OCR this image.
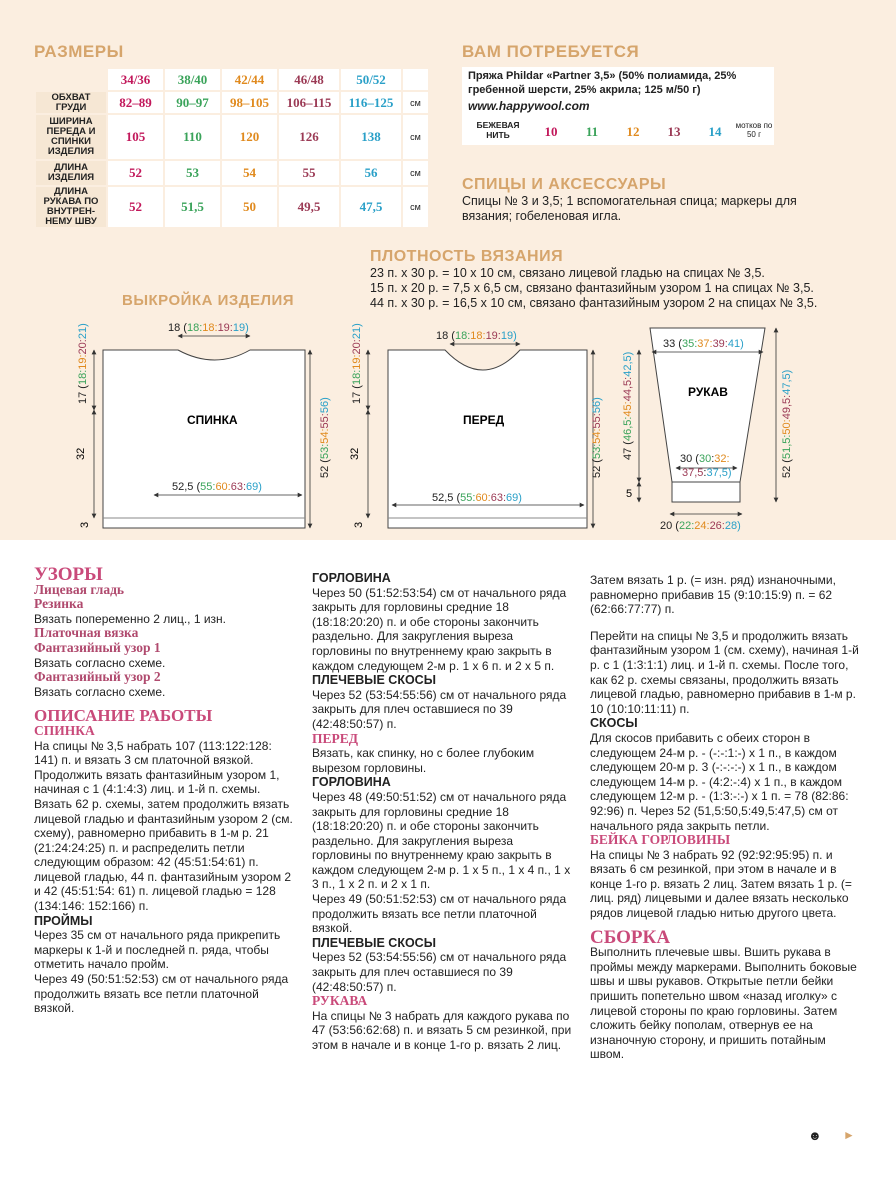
РАЗМЕРЫ
	34/36	38/40	42/44	46/48	50/52	
ОБХВАТ ГРУДИ	82–89	90–97	98–105	106–115	116–125	см
ШИРИНА ПЕРЕДА И СПИНКИ ИЗДЕЛИЯ	105	110	120	126	138	см
ДЛИНА ИЗДЕЛИЯ	52	53	54	55	56	см
ДЛИНА РУКАВА ПО ВНУТРЕН-НЕМУ ШВУ	52	51,5	50	49,5	47,5	см
ВАМ ПОТРЕБУЕТСЯ
Пряжа Phildar «Partner 3,5» (50% полиамида, 25% гребенной шерсти, 25% акрила; 125 м/50 г)
www.happywool.com
БЕЖЕВАЯ НИТЬ	10	11	12	13	14	мотков по 50 г
СПИЦЫ И АКСЕССУАРЫ
Спицы № 3 и 3,5; 1 вспомогательная спица; маркеры для вязания; гобеленовая игла.
ПЛОТНОСТЬ ВЯЗАНИЯ
23 п. х 30 р. = 10 х 10 см, связано лицевой гладью на спицах № 3,5.
15 п. х 20 р. = 7,5 х 6,5 см, связано фантазийным узором 1 на спицах № 3,5.
44 п. х 30 р. = 16,5 х 10 см, связано фантазийным узором 2 на спицах № 3,5.
ВЫКРОЙКА ИЗДЕЛИЯ
СПИНКА	ПЕРЕД
РУКАВ
32
3
32
3
5
18 (18:18:19:19)
18 (18:18:19:19)
52,5 (55:60:63:69)
52,5 (55:60:63:69)
17 (18:19:20:21)
17 (18:19:20:21)
52 (53:54:55:56)
52 (53:54:55:56)
33 (35:37:39:41)
47 (46,5:45:44,5:42,5)
52 (51,5:50:49,5:47,5)
20 (22:24:26:28)
30 (30:32:
37,5:37,5)

УЗОРЫ

Лицевая гладь

Резинка

Вязать попеременно 2 лиц., 1 изн.

Платочная вязка

Фантазийный узор 1

Вязать согласно схеме.

Фантазийный узор 2

Вязать согласно схеме.

ОПИСАНИЕ РАБОТЫ

СПИНКА

На спицы № 3,5 набрать 107 (113:122:128: 141) п. и вязать 3 см платочной вязкой. Продолжить вязать фантазийным узором 1, начиная с 1 (4:1:4:3) лиц. и 1-й п. схемы. Вязать 62 р. схемы, затем продолжить вязать лицевой гладью и фантазийным узором 2 (см. схему), равномерно прибавить в 1-м р. 21 (21:24:24:25) п. и распределить петли следующим образом: 42 (45:51:54:61) п. лицевой гладью, 44 п. фантазийным узором 2 и 42 (45:51:54: 61) п. лицевой гладью = 128 (134:146: 152:166) п.

ПРОЙМЫ

Через 35 см от начального ряда прикрепить маркеры к 1-й и последней п. ряда, чтобы отметить начало пройм.

Через 49 (50:51:52:53) см от начального ряда продолжить вязать все петли платочной вязкой.

ГОРЛОВИНА

Через 50 (51:52:53:54) см от начального ряда закрыть для горловины средние 18 (18:18:20:20) п. и обе стороны закончить раздельно. Для закругления выреза горловины по внутреннему краю закрыть в каждом следующем 2-м р. 1 х 6 п. и 2 х 5 п.

ПЛЕЧЕВЫЕ СКОСЫ

Через 52 (53:54:55:56) см от начального ряда закрыть для плеч оставшиеся по 39 (42:48:50:57) п.

ПЕРЕД

Вязать, как спинку, но с более глубоким вырезом горловины.

ГОРЛОВИНА

Через 48 (49:50:51:52) см от начального ряда закрыть для горловины средние 18 (18:18:20:20) п. и обе стороны закончить раздельно. Для закругления выреза горловины по внутреннему краю закрыть в каждом следующем 2-м р. 1 х 5 п., 1 х 4 п., 1 х 3 п., 1 х 2 п. и 2 х 1 п.

Через 49 (50:51:52:53) см от начального ряда продолжить вязать все петли платочной вязкой.

ПЛЕЧЕВЫЕ СКОСЫ

Через 52 (53:54:55:56) см от начального ряда закрыть для плеч оставшиеся по 39 (42:48:50:57) п.

РУКАВА

На спицы № 3 набрать для каждого рукава по 47 (53:56:62:68) п. и вязать 5 см резинкой, при этом в начале и в конце 1-го р. вязать 2 лиц.

Затем вязать 1 р. (= изн. ряд) изнаночными, равномерно прибавив 15 (9:10:15:9) п. = 62 (62:66:77:77) п.

Перейти на спицы № 3,5 и продолжить вязать фантазийным узором 1 (см. схему), начиная 1-й р. с 1 (1:3:1:1) лиц. и 1-й п. схемы. После того, как 62 р. схемы связаны, продолжить вязать лицевой гладью, равномерно прибавив в 1-м р. 10 (10:10:11:11) п.

СКОСЫ

Для скосов прибавить с обеих сторон в следующем 24-м р. - (-:-:1:-) х 1 п., в каждом следующем 20-м р. 3 (-:-:-:-) х 1 п., в каждом следующем 14-м р. - (4:2:-:4) х 1 п., в каждом следующем 12-м р. - (1:3:-:-) х 1 п. = 78 (82:86: 92:96) п. Через 52 (51,5:50,5:49,5:47,5) см от начального ряда закрыть петли.

БЕЙКА ГОРЛОВИНЫ

На спицы № 3 набрать 92 (92:92:95:95) п. и вязать 6 см резинкой, при этом в начале и в конце 1-го р. вязать 2 лиц. Затем вязать 1 р. (= лиц. ряд) лицевыми и далее вязать несколько рядов лицевой гладью нитью другого цвета.

СБОРКА

Выполнить плечевые швы. Вшить рукава в проймы между маркерами. Выполнить боковые швы и швы рукавов. Открытые петли бейки пришить попетельно швом «назад иголку» с лицевой стороны по краю горловины. Затем сложить бейку пополам, отвернув ее на изнаночную сторону, и пришить потайным швом.

☻ ►
